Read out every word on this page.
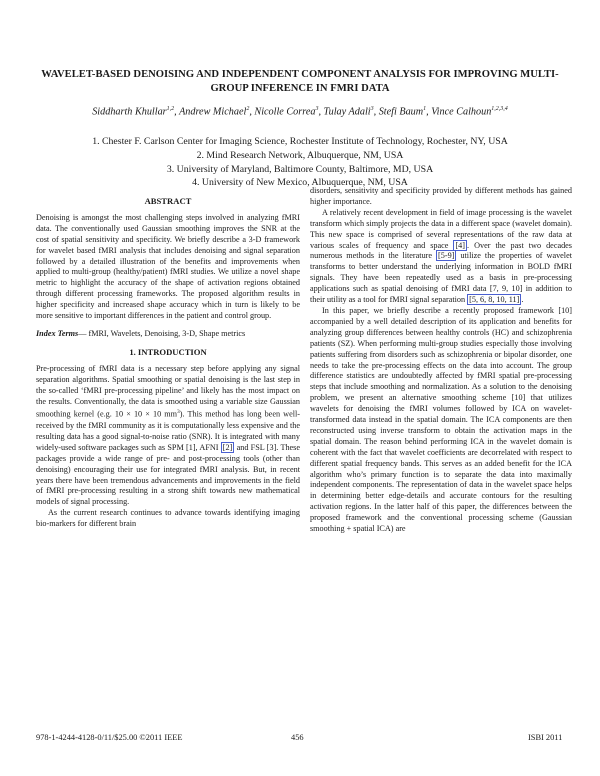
WAVELET-BASED DENOISING AND INDEPENDENT COMPONENT ANALYSIS FOR IMPROVING MULTI-GROUP INFERENCE IN FMRI DATA
Siddharth Khullar$^{1,2}$, Andrew Michael$^2$, Nicolle Correa$^3$, Tulay Adali$^3$, Stefi Baum$^1$, Vince Calhoun$^{1,2,3,4}$
1. Chester F. Carlson Center for Imaging Science, Rochester Institute of Technology, Rochester, NY, USA
2. Mind Research Network, Albuquerque, NM, USA
3. University of Maryland, Baltimore County, Baltimore, MD, USA
4. University of New Mexico, Albuquerque, NM, USA
ABSTRACT

Denoising is amongst the most challenging steps involved in analyzing fMRI data. The conventionally used Gaussian smoothing improves the SNR at the cost of spatial sensitivity and specificity. We briefly describe a 3-D framework for wavelet based fMRI analysis that includes denoising and signal separation followed by a detailed illustration of the benefits and improvements when applied to multi-group (healthy/patient) fMRI studies. We utilize a novel shape metric to highlight the accuracy of the shape of activation regions obtained through different processing frameworks. The proposed algorithm results in higher specificity and increased shape accuracy which in turn is likely to be more sensitive to important differences in the patient and control group.

Index Terms— fMRI, Wavelets, Denoising, 3-D, Shape metrics

1. INTRODUCTION

Pre-processing of fMRI data is a necessary step before applying any signal separation algorithms. Spatial smoothing or spatial denoising is the last step in the so-called ‘fMRI pre-processing pipeline’ and likely has the most impact on the results. Conventionally, the data is smoothed using a variable size Gaussian smoothing kernel (e.g. 10 × 10 × 10 $mm^3$). This method has long been well-received by the fMRI community as it is computationally less expensive and the resulting data has a good signal-to-noise ratio (SNR). It is integrated with many widely-used software packages such as SPM [1], AFNI [2] and FSL [3]. These packages provide a wide range of pre- and post-processing tools (other than denoising) encouraging their use for integrated fMRI analysis. But, in recent years there have been tremendous advancements and improvements in the field of fMRI pre-processing resulting in a strong shift towards new mathematical models of signal processing.

As the current research continues to advance towards identifying imaging bio-markers for different brain

disorders, sensitivity and specificity provided by different methods has gained higher importance.

A relatively recent development in field of image processing is the wavelet transform which simply projects the data in a different space (wavelet domain). This new space is comprised of several representations of the raw data at various scales of frequency and space [4] . Over the past two decades numerous methods in the literature [5-9] utilize the properties of wavelet transforms to better understand the underlying information in BOLD fMRI signals. They have been repeatedly used as a basis in pre-processing applications such as spatial denoising of fMRI data [7, 9, 10] in addition to their utility as a tool for fMRI signal separation [5, 6, 8, 10, 11] .

In this paper, we briefly describe a recently proposed framework [10] accompanied by a well detailed description of its application and benefits for analyzing group differences between healthy controls (HC) and schizophrenia patients (SZ). When performing multi-group studies especially those involving patients suffering from disorders such as schizophrenia or bipolar disorder, one needs to take the pre-processing effects on the data into account. The group difference statistics are undoubtedly affected by fMRI spatial pre-processing steps that include smoothing and normalization. As a solution to the denoising problem, we present an alternative smoothing scheme [10] that utilizes wavelets for denoising the fMRI volumes followed by ICA on wavelet-transformed data instead in the spatial domain. The ICA components are then reconstructed using inverse transform to obtain the activation maps in the spatial domain. The reason behind performing ICA in the wavelet domain is coherent with the fact that wavelet coefficients are decorrelated with respect to different spatial frequency bands. This serves as an added benefit for the ICA algorithm who’s primary function is to separate the data into maximally independent components. The representation of data in the wavelet space helps in determining better edge-details and accurate contours for the resulting activation regions. In the latter half of this paper, the differences between the proposed framework and the conventional processing scheme (Gaussian smoothing + spatial ICA) are

978-1-4244-4128-0/11/$25.00 ©2011 IEEE	456	ISBI 2011
